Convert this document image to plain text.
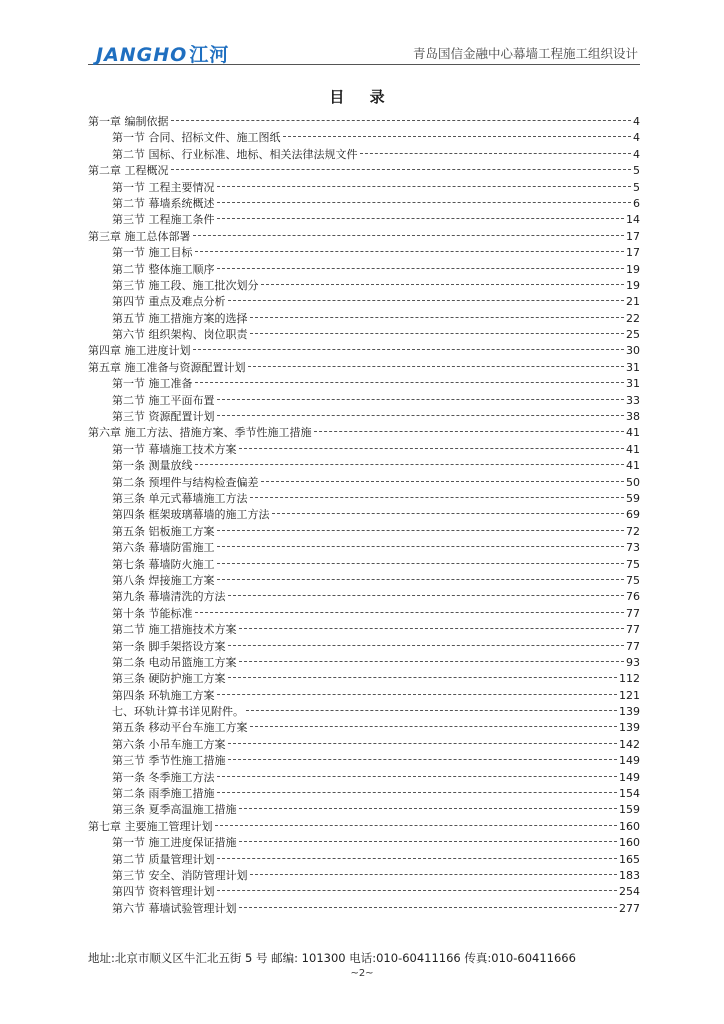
JANGHO 江河	青岛国信金融中心幕墙工程施工组织设计
目 录
第一章 编制依据	4
第一节 合同、招标文件、施工图纸	4
第二节 国标、行业标准、地标、相关法律法规文件	4
第二章 工程概况	5
第一节 工程主要情况	5
第二节 幕墙系统概述	6
第三节 工程施工条件	14
第三章 施工总体部署	17
第一节 施工目标	17
第二节 整体施工顺序	19
第三节 施工段、施工批次划分	19
第四节 重点及难点分析	21
第五节 施工措施方案的选择	22
第六节 组织架构、岗位职责	25
第四章 施工进度计划	30
第五章 施工准备与资源配置计划	31
第一节 施工准备	31
第二节 施工平面布置	33
第三节 资源配置计划	38
第六章 施工方法、措施方案、季节性施工措施	41
第一节 幕墙施工技术方案	41
第一条 测量放线	41
第二条 预埋件与结构检查偏差	50
第三条 单元式幕墙施工方法	59
第四条 框架玻璃幕墙的施工方法	69
第五条 铝板施工方案	72
第六条 幕墙防雷施工	73
第七条 幕墙防火施工	75
第八条 焊接施工方案	75
第九条 幕墙清洗的方法	76
第十条 节能标准	77
第二节 施工措施技术方案	77
第一条 脚手架搭设方案	77
第二条 电动吊篮施工方案	93
第三条 硬防护施工方案	112
第四条 环轨施工方案	121
七、环轨计算书详见附件。	139
第五条 移动平台车施工方案	139
第六条 小吊车施工方案	142
第三节 季节性施工措施	149
第一条 冬季施工方法	149
第二条 雨季施工措施	154
第三条 夏季高温施工措施	159
第七章 主要施工管理计划	160
第一节 施工进度保证措施	160
第二节 质量管理计划	165
第三节 安全、消防管理计划	183
第四节 资料管理计划	254
第六节 幕墙试验管理计划	277
地址:北京市顺义区牛汇北五街 5 号 邮编: 101300 电话:010-60411166 传真:010-60411666
~2~
